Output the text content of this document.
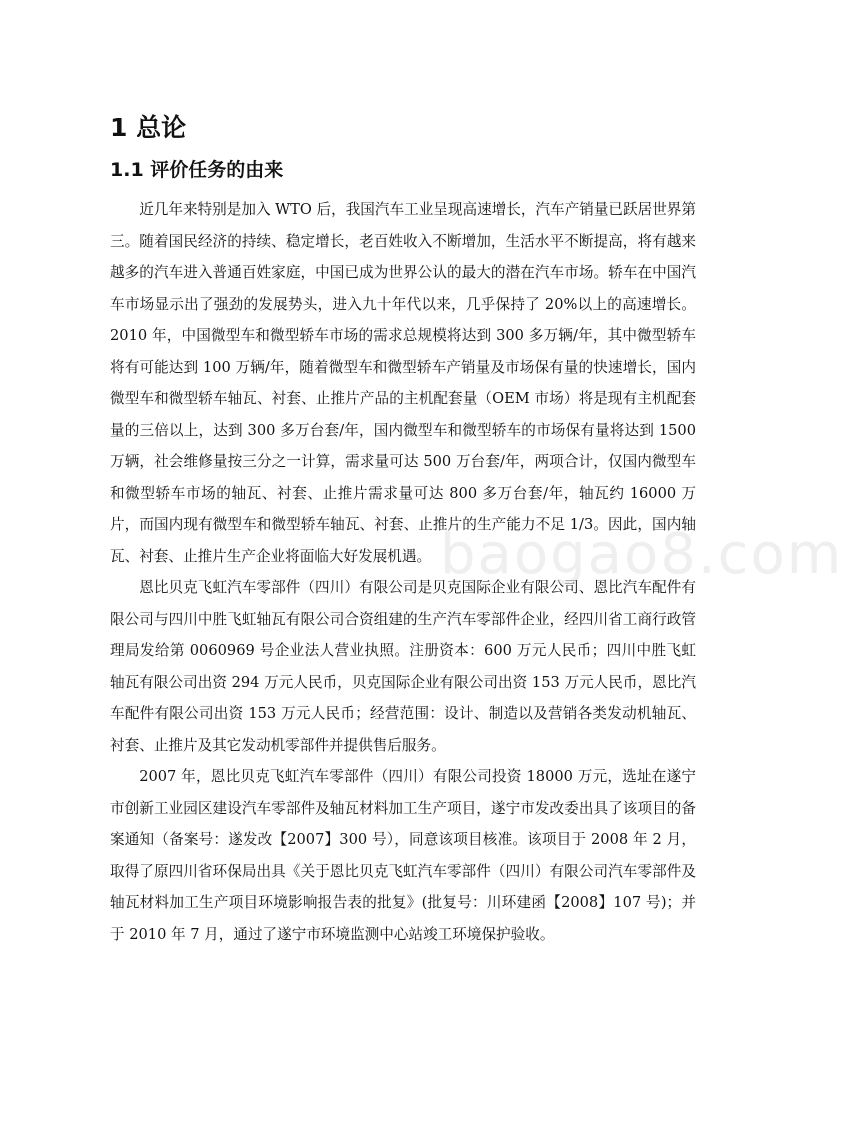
1 总论
1.1 评价任务的由来

近几年来特别是加入 WTO 后，我国汽车工业呈现高速增长，汽车产销量已跃居世界第三。随着国民经济的持续、稳定增长，老百姓收入不断增加，生活水平不断提高，将有越来越多的汽车进入普通百姓家庭，中国已成为世界公认的最大的潜在汽车市场。轿车在中国汽车市场显示出了强劲的发展势头，进入九十年代以来，几乎保持了 20%以上的高速增长。 2010 年，中国微型车和微型轿车市场的需求总规模将达到 300 多万辆/年，其中微型轿车将有可能达到 100 万辆/年，随着微型车和微型轿车产销量及市场保有量的快速增长，国内微型车和微型轿车轴瓦、衬套、止推片产品的主机配套量（OEM 市场）将是现有主机配套量的三倍以上，达到 300 多万台套/年，国内微型车和微型轿车的市场保有量将达到 1500 万辆，社会维修量按三分之一计算，需求量可达 500 万台套/年，两项合计，仅国内微型车和微型轿车市场的轴瓦、衬套、止推片需求量可达 800 多万台套/年，轴瓦约 16000 万片，而国内现有微型车和微型轿车轴瓦、衬套、止推片的生产能力不足 1/3。因此，国内轴瓦、衬套、止推片生产企业将面临大好发展机遇。

恩比贝克飞虹汽车零部件（四川）有限公司是贝克国际企业有限公司、恩比汽车配件有限公司与四川中胜飞虹轴瓦有限公司合资组建的生产汽车零部件企业，经四川省工商行政管理局发给第 0060969 号企业法人营业执照。注册资本：600 万元人民币；四川中胜飞虹轴瓦有限公司出资 294 万元人民币，贝克国际企业有限公司出资 153 万元人民币，恩比汽车配件有限公司出资 153 万元人民币；经营范围：设计、制造以及营销各类发动机轴瓦、衬套、止推片及其它发动机零部件并提供售后服务。

2007 年，恩比贝克飞虹汽车零部件（四川）有限公司投资 18000 万元，选址在遂宁市创新工业园区建设汽车零部件及轴瓦材料加工生产项目，遂宁市发改委出具了该项目的备案通知（备案号：遂发改【2007】300 号），同意该项目核准。该项目于 2008 年 2 月，取得了原四川省环保局出具《关于恩比贝克飞虹汽车零部件（四川）有限公司汽车零部件及轴瓦材料加工生产项目环境影响报告表的批复》(批复号：川环建函【2008】107 号)；并于 2010 年 7 月，通过了遂宁市环境监测中心站竣工环境保护验收。

baogao8.com
